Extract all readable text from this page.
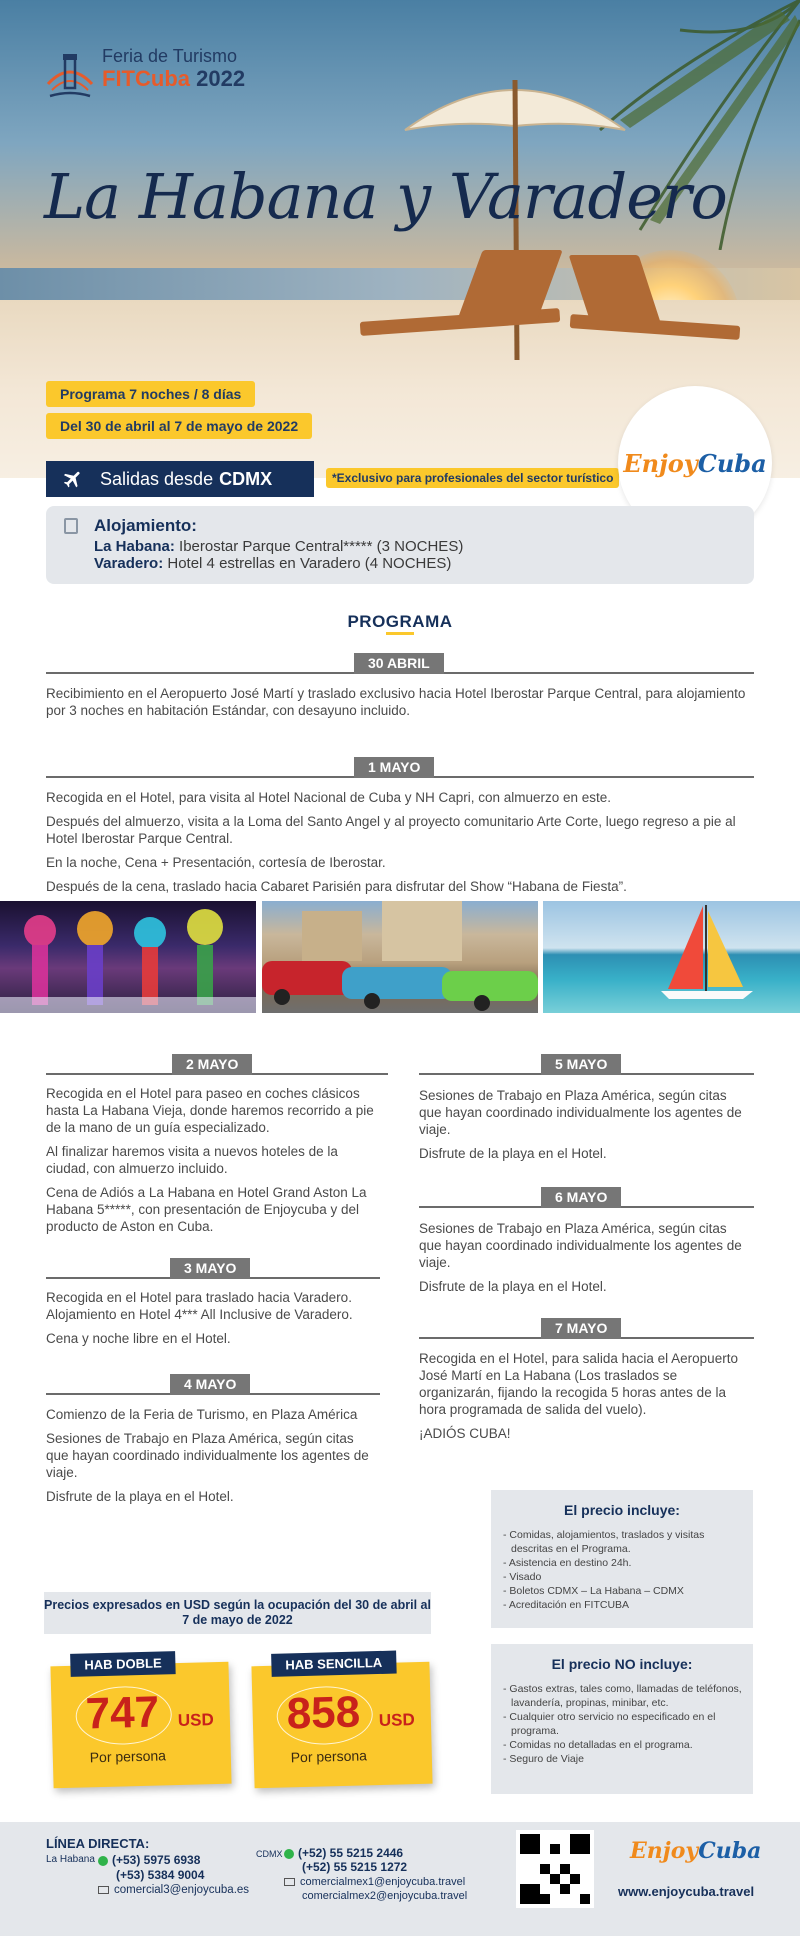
Feria de Turismo
FITCuba 2022
La Habana y Varadero
Programa 7 noches / 8 días
Del 30 de abril al 7 de mayo de 2022
Salidas desde CDMX	*Exclusivo para profesionales del sector turístico
EnjoyCuba
Alojamiento:
La Habana: Iberostar Parque Central***** (3 NOCHES)
Varadero: Hotel 4 estrellas en Varadero (4 NOCHES)
PROGRAMA
30 ABRIL

Recibimiento en el Aeropuerto José Martí y traslado exclusivo hacia Hotel Iberostar Parque Central, para alojamiento por 3 noches en habitación Estándar, con desayuno incluido.

1 MAYO

Recogida en el Hotel, para visita al Hotel Nacional de Cuba y NH Capri, con almuerzo en este.

Después del almuerzo, visita a la Loma del Santo Angel y al proyecto comunitario Arte Corte, luego regreso a pie al Hotel Iberostar Parque Central.

En la noche, Cena + Presentación, cortesía de Iberostar.

Después de la cena, traslado hacia Cabaret Parisién para disfrutar del Show “Habana de Fiesta”.

2 MAYO

Recogida en el Hotel para paseo en coches clásicos hasta La Habana Vieja, donde haremos recorrido a pie de la mano de un guía especializado.

Al finalizar haremos visita a nuevos hoteles de la ciudad, con almuerzo incluido.

Cena de Adiós a La Habana en Hotel Grand Aston La Habana 5*****, con presentación de Enjoycuba y del producto de Aston en Cuba.

3 MAYO

Recogida en el Hotel para traslado hacia Varadero. Alojamiento en Hotel 4*** All Inclusive de Varadero.

Cena y noche libre en el Hotel.

4 MAYO

Comienzo de la Feria de Turismo, en Plaza América

Sesiones de Trabajo en Plaza América, según citas que hayan coordinado individualmente los agentes de viaje.

Disfrute de la playa en el Hotel.

5 MAYO

Sesiones de Trabajo en Plaza América, según citas que hayan coordinado individualmente los agentes de viaje.

Disfrute de la playa en el Hotel.

6 MAYO

Sesiones de Trabajo en Plaza América, según citas que hayan coordinado individualmente los agentes de viaje.

Disfrute de la playa en el Hotel.

7 MAYO

Recogida en el Hotel, para salida hacia el Aeropuerto José Martí en La Habana (Los traslados se organizarán, fijando la recogida 5 horas antes de la hora programada de salida del vuelo).

¡ADIÓS CUBA!

El precio incluye:
- Comidas, alojamientos, traslados y visitas descritas en el Programa.
- Asistencia en destino 24h.
- Visado
- Boletos CDMX – La Habana – CDMX
- Acreditación en FITCUBA
El precio NO incluye:
- Gastos extras, tales como, llamadas de teléfonos, lavandería, propinas, minibar, etc.
- Cualquier otro servicio no especificado en el programa.
- Comidas no detalladas en el programa.
- Seguro de Viaje
Precios expresados en USD según la ocupación del 30 de abril al 7 de mayo de 2022
HAB DOBLE
747 USD
Por persona
HAB SENCILLA
858 USD
Por persona
LÍNEA DIRECTA:
La Habana	(+53) 5975 6938
(+53) 5384 9004
comercial3@enjoycuba.es
CDMX	(+52) 55 5215 2446
(+52) 55 5215 1272
comercialmex1@enjoycuba.travel
comercialmex2@enjoycuba.travel
EnjoyCuba
www.enjoycuba.travel
